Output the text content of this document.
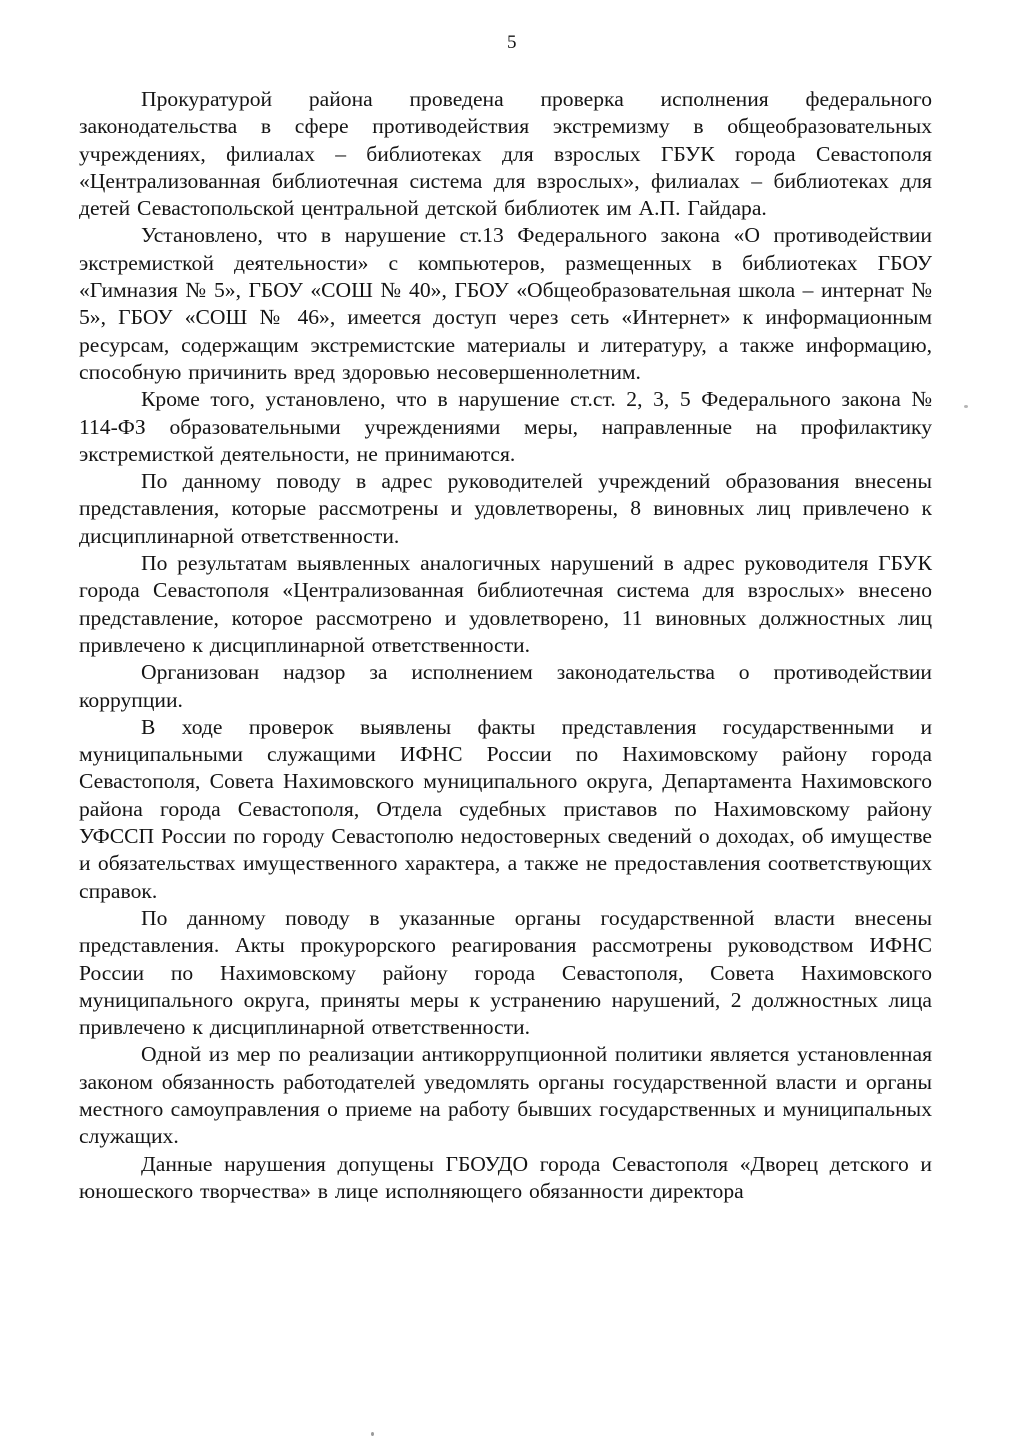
5

Прокуратурой района проведена проверка исполнения федерального законодательства в сфере противодействия экстремизму в общеобразовательных учреждениях, филиалах – библиотеках для взрослых ГБУК города Севастополя «Централизованная библиотечная система для взрослых», филиалах – библиотеках для детей Севастопольской центральной детской библиотек им А.П. Гайдара.

Установлено, что в нарушение ст.13 Федерального закона «О противодействии экстремисткой деятельности» с компьютеров, размещенных в библиотеках ГБОУ «Гимназия № 5», ГБОУ «СОШ № 40», ГБОУ «Общеобразовательная школа – интернат № 5», ГБОУ «СОШ № 46», имеется доступ через сеть «Интернет» к информационным ресурсам, содержащим экстремистские материалы и литературу, а также информацию, способную причинить вред здоровью несовершеннолетним.

Кроме того, установлено, что в нарушение ст.ст. 2, 3, 5 Федерального закона № 114-ФЗ образовательными учреждениями меры, направленные на профилактику экстремисткой деятельности, не принимаются.

По данному поводу в адрес руководителей учреждений образования внесены представления, которые рассмотрены и удовлетворены, 8 виновных лиц привлечено к дисциплинарной ответственности.

По результатам выявленных аналогичных нарушений в адрес руководителя ГБУК города Севастополя «Централизованная библиотечная система для взрослых» внесено представление, которое рассмотрено и удовлетворено, 11 виновных должностных лиц привлечено к дисциплинарной ответственности.

Организован надзор за исполнением законодательства о противодействии коррупции.

В ходе проверок выявлены факты представления государственными и муниципальными служащими ИФНС России по Нахимовскому району города Севастополя, Совета Нахимовского муниципального округа, Департамента Нахимовского района города Севастополя, Отдела судебных приставов по Нахимовскому району УФССП России по городу Севастополю недостоверных сведений о доходах, об имуществе и обязательствах имущественного характера, а также не предоставления соответствующих справок.

По данному поводу в указанные органы государственной власти внесены представления. Акты прокурорского реагирования рассмотрены руководством ИФНС России по Нахимовскому району города Севастополя, Совета Нахимовского муниципального округа, приняты меры к устранению нарушений, 2 должностных лица привлечено к дисциплинарной ответственности.

Одной из мер по реализации антикоррупционной политики является установленная законом обязанность работодателей уведомлять органы государственной власти и органы местного самоуправления о приеме на работу бывших государственных и муниципальных служащих.

Данные нарушения допущены ГБОУДО города Севастополя «Дворец детского и юношеского творчества» в лице исполняющего обязанности директора
